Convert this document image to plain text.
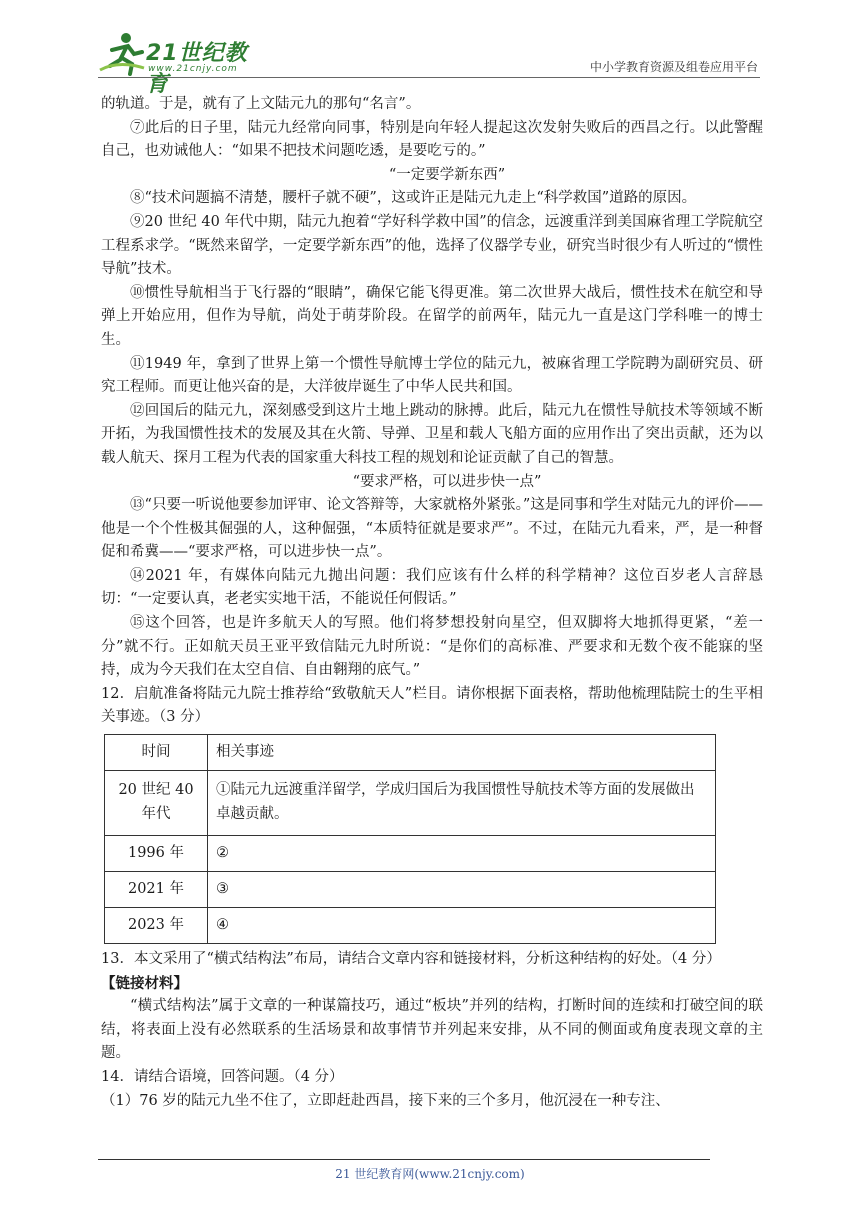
21世纪教育
www.21cnjy.com	中小学教育资源及组卷应用平台

的轨道。于是，就有了上文陆元九的那句“名言”。

⑦此后的日子里，陆元九经常向同事，特别是向年轻人提起这次发射失败后的西昌之行。以此警醒自己，也劝诫他人：“如果不把技术问题吃透，是要吃亏的。”

“一定要学新东西”

⑧“技术问题搞不清楚，腰杆子就不硬”，这或许正是陆元九走上“科学救国”道路的原因。

⑨20 世纪 40 年代中期，陆元九抱着“学好科学救中国”的信念，远渡重洋到美国麻省理工学院航空工程系求学。“既然来留学，一定要学新东西”的他，选择了仪器学专业，研究当时很少有人听过的“惯性导航”技术。

⑩惯性导航相当于飞行器的“眼睛”，确保它能飞得更准。第二次世界大战后，惯性技术在航空和导弹上开始应用，但作为导航，尚处于萌芽阶段。在留学的前两年，陆元九一直是这门学科唯一的博士生。

⑪1949 年，拿到了世界上第一个惯性导航博士学位的陆元九，被麻省理工学院聘为副研究员、研究工程师。而更让他兴奋的是，大洋彼岸诞生了中华人民共和国。

⑫回国后的陆元九，深刻感受到这片土地上跳动的脉搏。此后，陆元九在惯性导航技术等领域不断开拓，为我国惯性技术的发展及其在火箭、导弹、卫星和载人飞船方面的应用作出了突出贡献，还为以载人航天、探月工程为代表的国家重大科技工程的规划和论证贡献了自己的智慧。

“要求严格，可以进步快一点”

⑬“只要一听说他要参加评审、论文答辩等，大家就格外紧张。”这是同事和学生对陆元九的评价——他是一个个性极其倔强的人，这种倔强，“本质特征就是要求严”。不过，在陆元九看来，严，是一种督促和希冀——“要求严格，可以进步快一点”。

⑭2021 年，有媒体向陆元九抛出问题：我们应该有什么样的科学精神？这位百岁老人言辞恳切：“一定要认真，老老实实地干活，不能说任何假话。”

⑮这个回答，也是许多航天人的写照。他们将梦想投射向星空，但双脚将大地抓得更紧，“差一分”就不行。正如航天员王亚平致信陆元九时所说：“是你们的高标准、严要求和无数个夜不能寐的坚持，成为今天我们在太空自信、自由翱翔的底气。”

12．启航准备将陆元九院士推荐给“致敬航天人”栏目。请你根据下面表格，帮助他梳理陆院士的生平相关事迹。（3 分）

时间	相关事迹
20 世纪 40 年代	①陆元九远渡重洋留学，学成归国后为我国惯性导航技术等方面的发展做出卓越贡献。
1996 年	②
2021 年	③
2023 年	④

13．本文采用了“横式结构法”布局，请结合文章内容和链接材料，分析这种结构的好处。（4 分）

【链接材料】

“横式结构法”属于文章的一种谋篇技巧，通过“板块”并列的结构，打断时间的连续和打破空间的联结，将表面上没有必然联系的生活场景和故事情节并列起来安排，从不同的侧面或角度表现文章的主题。

14．请结合语境，回答问题。（4 分）

（1）76 岁的陆元九坐不住了，立即赶赴西昌，接下来的三个多月，他沉浸在一种专注、

21 世纪教育网(www.21cnjy.com)
